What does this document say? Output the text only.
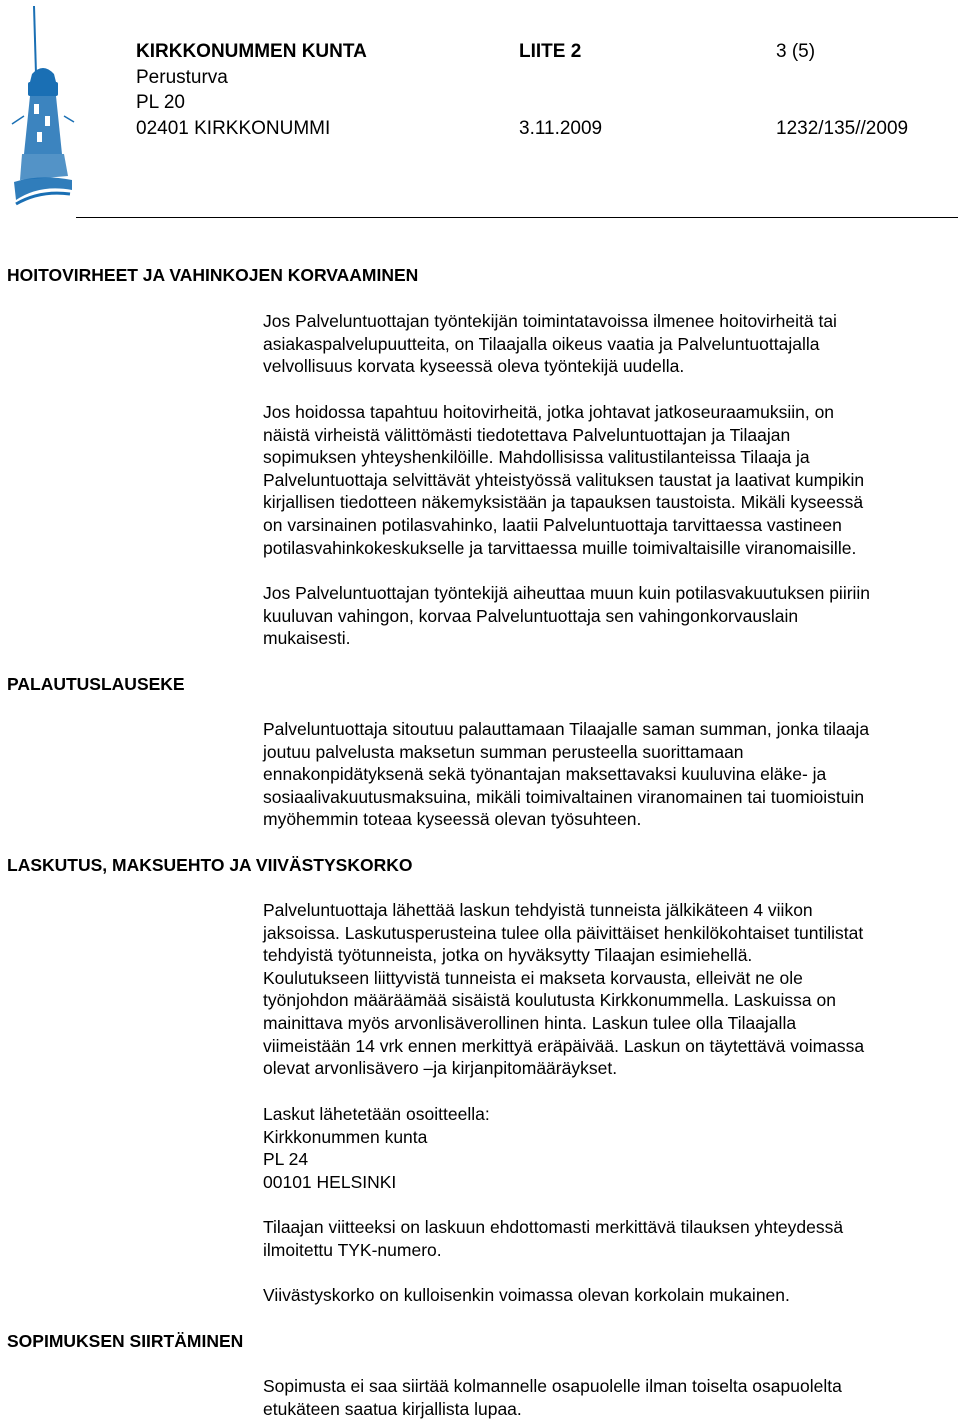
KIRKKONUMMEN KUNTA	LIITE 2	3 (5)
Perusturva
PL 20
02401 KIRKKONUMMI	3.11.2009	1232/135//2009
HOITOVIRHEET JA VAHINKOJEN KORVAAMINEN
PALAUTUSLAUSEKE
LASKUTUS, MAKSUEHTO JA VIIVÄSTYSKORKO
SOPIMUKSEN SIIRTÄMINEN
Jos Palveluntuottajan työntekijän toimintatavoissa ilmenee hoitovirheitä tai
asiakaspalvelupuutteita, on Tilaajalla oikeus vaatia ja Palveluntuottajalla
velvollisuus korvata kyseessä oleva työntekijä uudella.
Jos hoidossa tapahtuu hoitovirheitä, jotka johtavat jatkoseuraamuksiin, on
näistä virheistä välittömästi tiedotettava Palveluntuottajan ja Tilaajan
sopimuksen yhteyshenkilöille. Mahdollisissa valitustilanteissa Tilaaja ja
Palveluntuottaja selvittävät yhteistyössä valituksen taustat ja laativat kumpikin
kirjallisen tiedotteen näkemyksistään ja tapauksen taustoista. Mikäli kyseessä
on varsinainen potilasvahinko, laatii Palveluntuottaja tarvittaessa vastineen
potilasvahinkokeskukselle ja tarvittaessa muille toimivaltaisille viranomaisille.
Jos Palveluntuottajan työntekijä aiheuttaa muun kuin potilasvakuutuksen piiriin
kuuluvan vahingon, korvaa Palveluntuottaja sen vahingonkorvauslain
mukaisesti.
Palveluntuottaja sitoutuu palauttamaan Tilaajalle saman summan, jonka tilaaja
joutuu palvelusta maksetun summan perusteella suorittamaan
ennakonpidätyksenä sekä työnantajan maksettavaksi kuuluvina eläke- ja
sosiaalivakuutusmaksuina, mikäli toimivaltainen viranomainen tai tuomioistuin
myöhemmin toteaa kyseessä olevan työsuhteen.
Palveluntuottaja lähettää laskun tehdyistä tunneista jälkikäteen 4 viikon
jaksoissa. Laskutusperusteina tulee olla päivittäiset henkilökohtaiset tuntilistat
tehdyistä työtunneista, jotka on hyväksytty Tilaajan esimiehellä.
Koulutukseen liittyvistä tunneista ei makseta korvausta, elleivät ne ole
työnjohdon määräämää sisäistä koulutusta Kirkkonummella. Laskuissa on
mainittava myös arvonlisäverollinen hinta. Laskun tulee olla Tilaajalla
viimeistään 14 vrk ennen merkittyä eräpäivää. Laskun on täytettävä voimassa
olevat arvonlisävero –ja kirjanpitomääräykset.
Laskut lähetetään osoitteella:
Kirkkonummen kunta
PL 24
00101 HELSINKI
Tilaajan viitteeksi on laskuun ehdottomasti merkittävä tilauksen yhteydessä
ilmoitettu TYK-numero.
Viivästyskorko on kulloisenkin voimassa olevan korkolain mukainen.
Sopimusta ei saa siirtää kolmannelle osapuolelle ilman toiselta osapuolelta
etukäteen saatua kirjallista lupaa.
